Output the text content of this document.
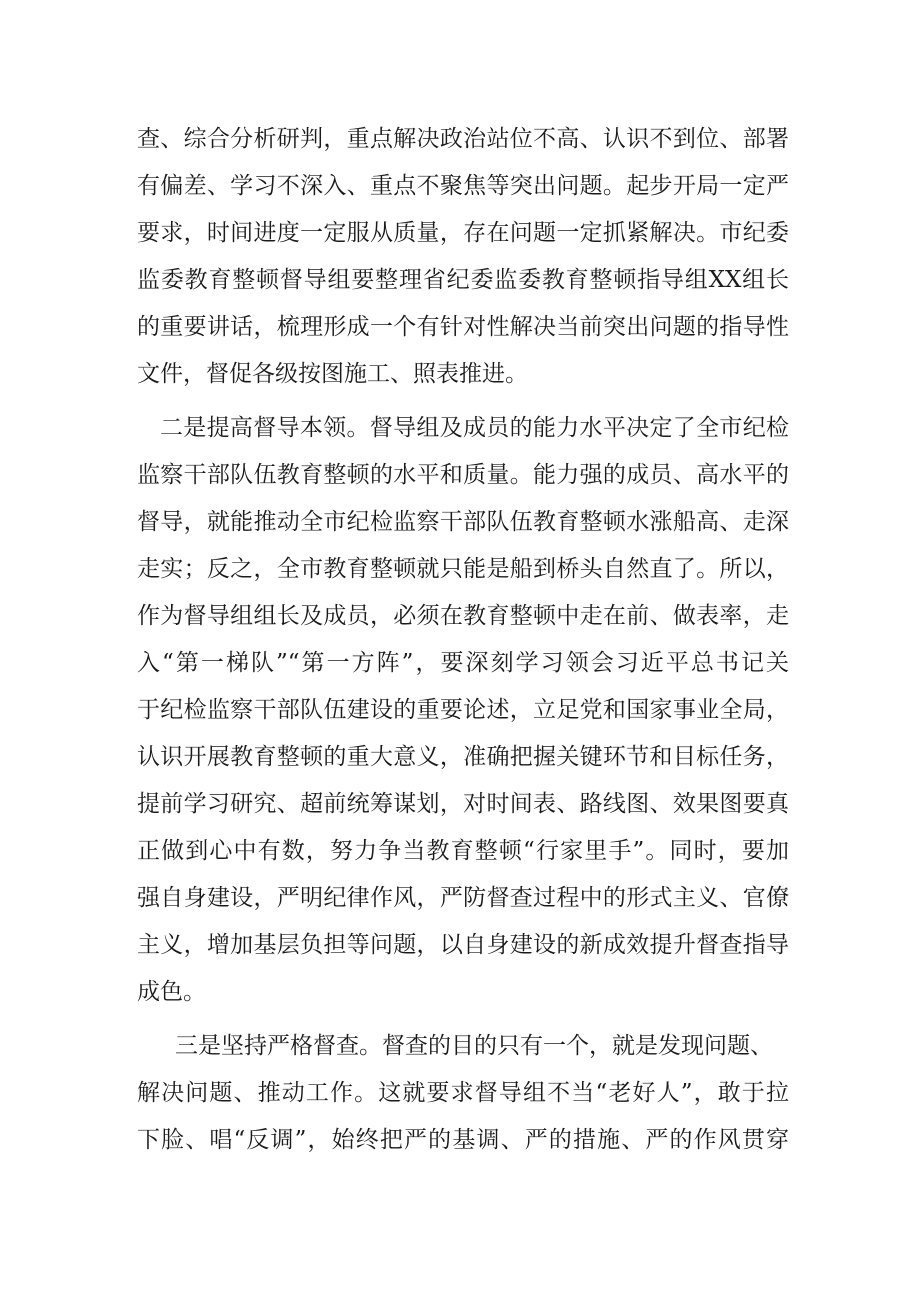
查、综合分析研判，重点解决政治站位不高、认识不到位、部署
有偏差、学习不深入、重点不聚焦等突出问题。起步开局一定严
要求，时间进度一定服从质量，存在问题一定抓紧解决。市纪委
监委教育整顿督导组要整理省纪委监委教育整顿指导组XX组长
的重要讲话，梳理形成一个有针对性解决当前突出问题的指导性
文件，督促各级按图施工、照表推进。
二是提高督导本领。督导组及成员的能力水平决定了全市纪检
监察干部队伍教育整顿的水平和质量。能力强的成员、高水平的
督导，就能推动全市纪检监察干部队伍教育整顿水涨船高、走深
走实；反之，全市教育整顿就只能是船到桥头自然直了。所以，
作为督导组组长及成员，必须在教育整顿中走在前、做表率，走
入“第一梯队”“第一方阵”，要深刻学习领会习近平总书记关
于纪检监察干部队伍建设的重要论述，立足党和国家事业全局，
认识开展教育整顿的重大意义，准确把握关键环节和目标任务，
提前学习研究、超前统筹谋划，对时间表、路线图、效果图要真
正做到心中有数，努力争当教育整顿“行家里手”。同时，要加
强自身建设，严明纪律作风，严防督查过程中的形式主义、官僚
主义，增加基层负担等问题，以自身建设的新成效提升督查指导
成色。
三是坚持严格督查。督查的目的只有一个，就是发现问题、
解决问题、推动工作。这就要求督导组不当“老好人”，敢于拉
下脸、唱“反调”，始终把严的基调、严的措施、严的作风贯穿
